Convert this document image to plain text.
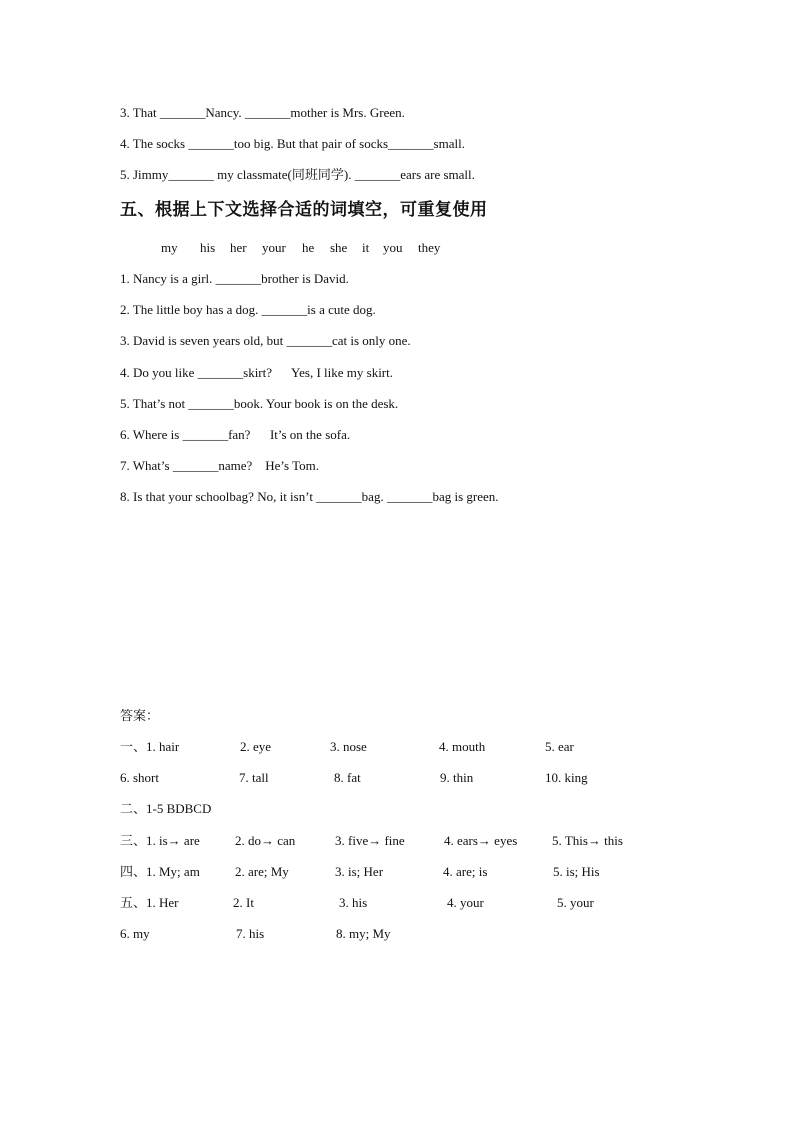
3. That _______Nancy. _______mother is Mrs. Green.
4. The socks _______too big. But that pair of socks_______small.
5. Jimmy_______ my classmate(同班同学). _______ears are small.
五、根据上下文选择合适的词填空，可重复使用
my his her your he she it you they
1. Nancy is a girl. _______brother is David.
2. The little boy has a dog. _______is a cute dog.
3. David is seven years old, but _______cat is only one.
4. Do you like _______skirt?      Yes, I like my skirt.
5. That’s not _______book. Your book is on the desk.
6. Where is _______fan?      It’s on the sofa.
7. What’s _______name?    He’s Tom.
8. Is that your schoolbag? No, it isn’t _______bag. _______bag is green.
答案：
一、1. hair	2. eye	3. nose	4. mouth	5. ear
6. short	7. tall	8. fat	9. thin	10. king
二、1-5 BDBCD
三、1. is→ are	2. do→ can	3. five→ fine	4. ears→ eyes	5. This→ this
四、1. My; am	2. are; My	3. is; Her	4. are; is	5. is; His
五、1. Her	2. It	3. his	4. your	5. your
6. my	7. his	8. my; My
